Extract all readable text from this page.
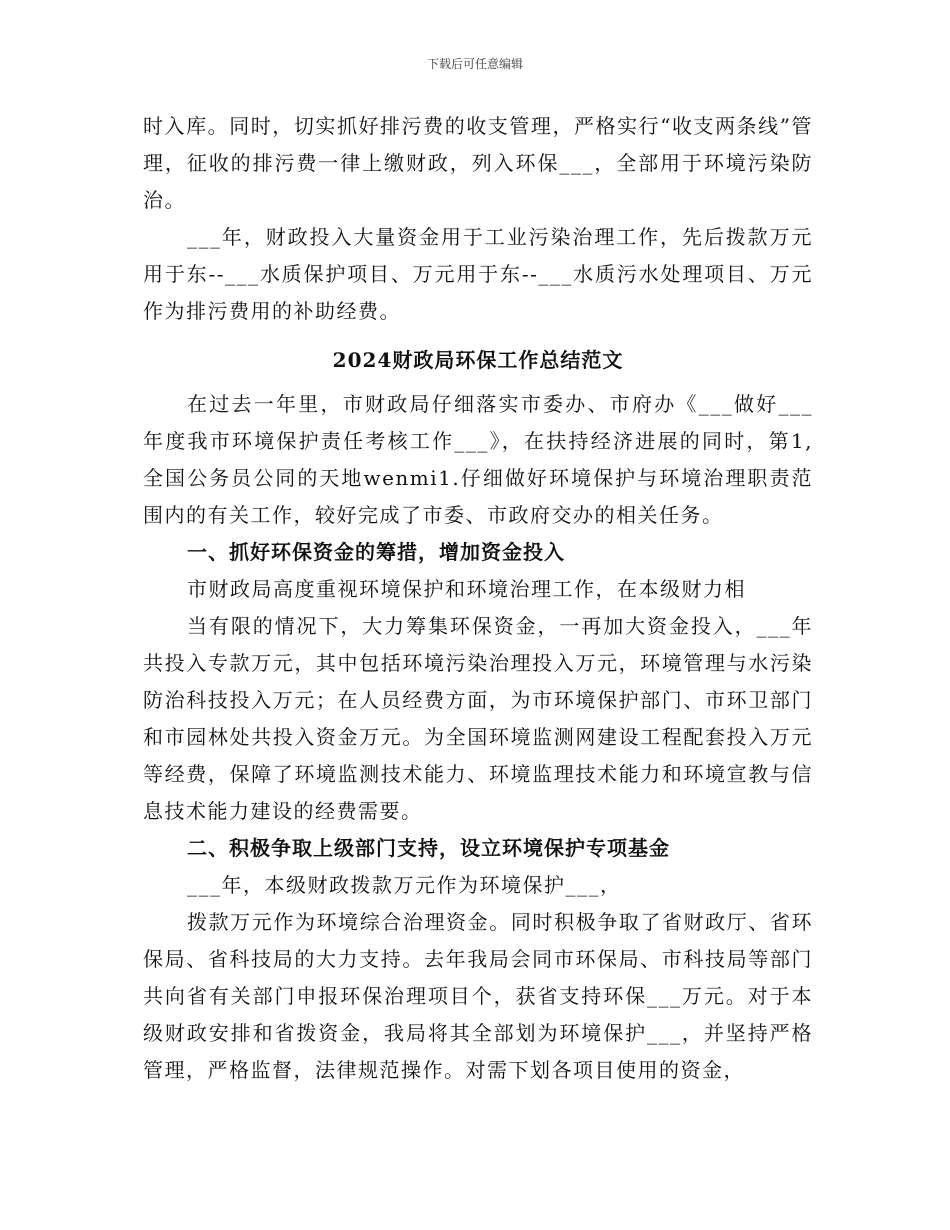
下载后可任意编辑

时入库。同时，切实抓好排污费的收支管理，严格实行“收支两条线”管理，征收的排污费一律上缴财政，列入环保___，全部用于环境污染防治。

___年，财政投入大量资金用于工业污染治理工作，先后拨款万元用于东--___水质保护项目、万元用于东--___水质污水处理项目、万元作为排污费用的补助经费。

2024财政局环保工作总结范文

在过去一年里，市财政局仔细落实市委办、市府办《___做好___年度我市环境保护责任考核工作___》，在扶持经济进展的同时，第1,全国公务员公同的天地wenmi1.仔细做好环境保护与环境治理职责范围内的有关工作，较好完成了市委、市政府交办的相关任务。

一、抓好环保资金的筹措，增加资金投入

市财政局高度重视环境保护和环境治理工作，在本级财力相

当有限的情况下，大力筹集环保资金，一再加大资金投入，___年共投入专款万元，其中包括环境污染治理投入万元，环境管理与水污染防治科技投入万元；在人员经费方面，为市环境保护部门、市环卫部门和市园林处共投入资金万元。为全国环境监测网建设工程配套投入万元等经费，保障了环境监测技术能力、环境监理技术能力和环境宣教与信息技术能力建设的经费需要。

二、积极争取上级部门支持，设立环境保护专项基金

___年，本级财政拨款万元作为环境保护___，

拨款万元作为环境综合治理资金。同时积极争取了省财政厅、省环保局、省科技局的大力支持。去年我局会同市环保局、市科技局等部门共向省有关部门申报环保治理项目个，获省支持环保___万元。对于本级财政安排和省拨资金，我局将其全部划为环境保护___，并坚持严格管理，严格监督，法律规范操作。对需下划各项目使用的资金，
